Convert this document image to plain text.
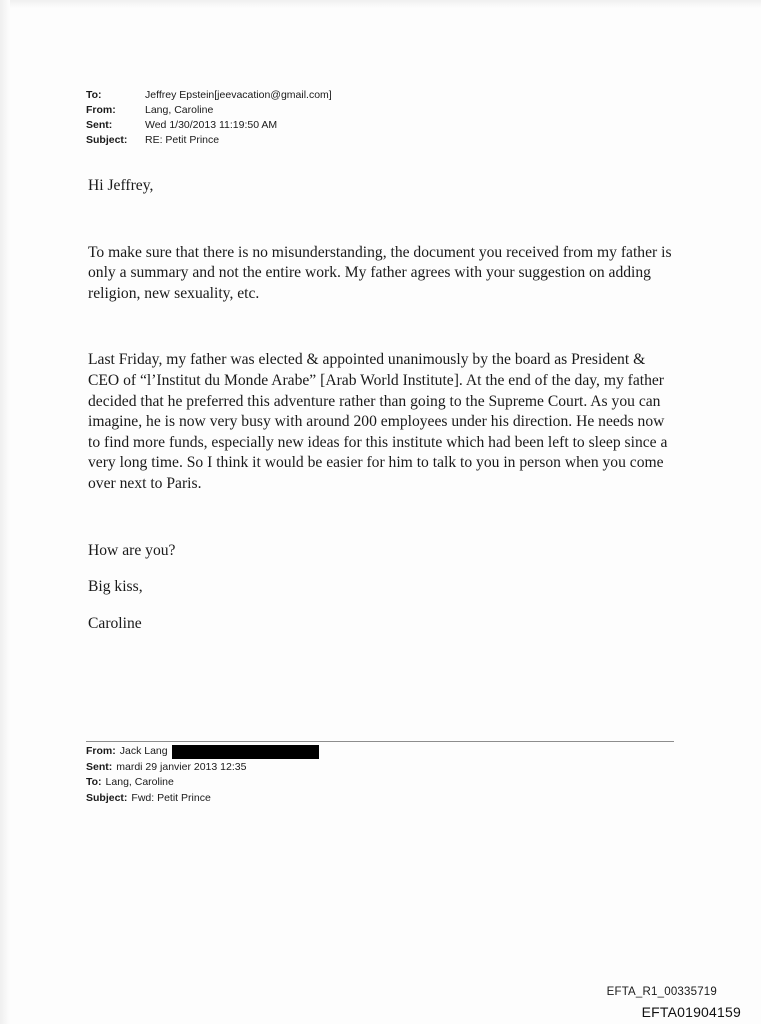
To:	Jeffrey Epstein[jeevacation@gmail.com]
From:	Lang, Caroline
Sent:	Wed 1/30/2013 11:19:50 AM
Subject:	RE: Petit Prince

Hi Jeffrey,

To make sure that there is no misunderstanding, the document you received from my father is only a summary and not the entire work. My father agrees with your suggestion on adding religion, new sexuality, etc.

Last Friday, my father was elected & appointed unanimously by the board as President & CEO of “l’Institut du Monde Arabe” [Arab World Institute]. At the end of the day, my father decided that he preferred this adventure rather than going to the Supreme Court. As you can imagine, he is now very busy with around 200 employees under his direction. He needs now to find more funds, especially new ideas for this institute which had been left to sleep since a very long time. So I think it would be easier for him to talk to you in person when you come over next to Paris.

How are you?

Big kiss,

Caroline

From: Jack Lang
Sent: mardi 29 janvier 2013 12:35
To: Lang, Caroline
Subject: Fwd: Petit Prince
EFTA_R1_00335719
EFTA01904159
